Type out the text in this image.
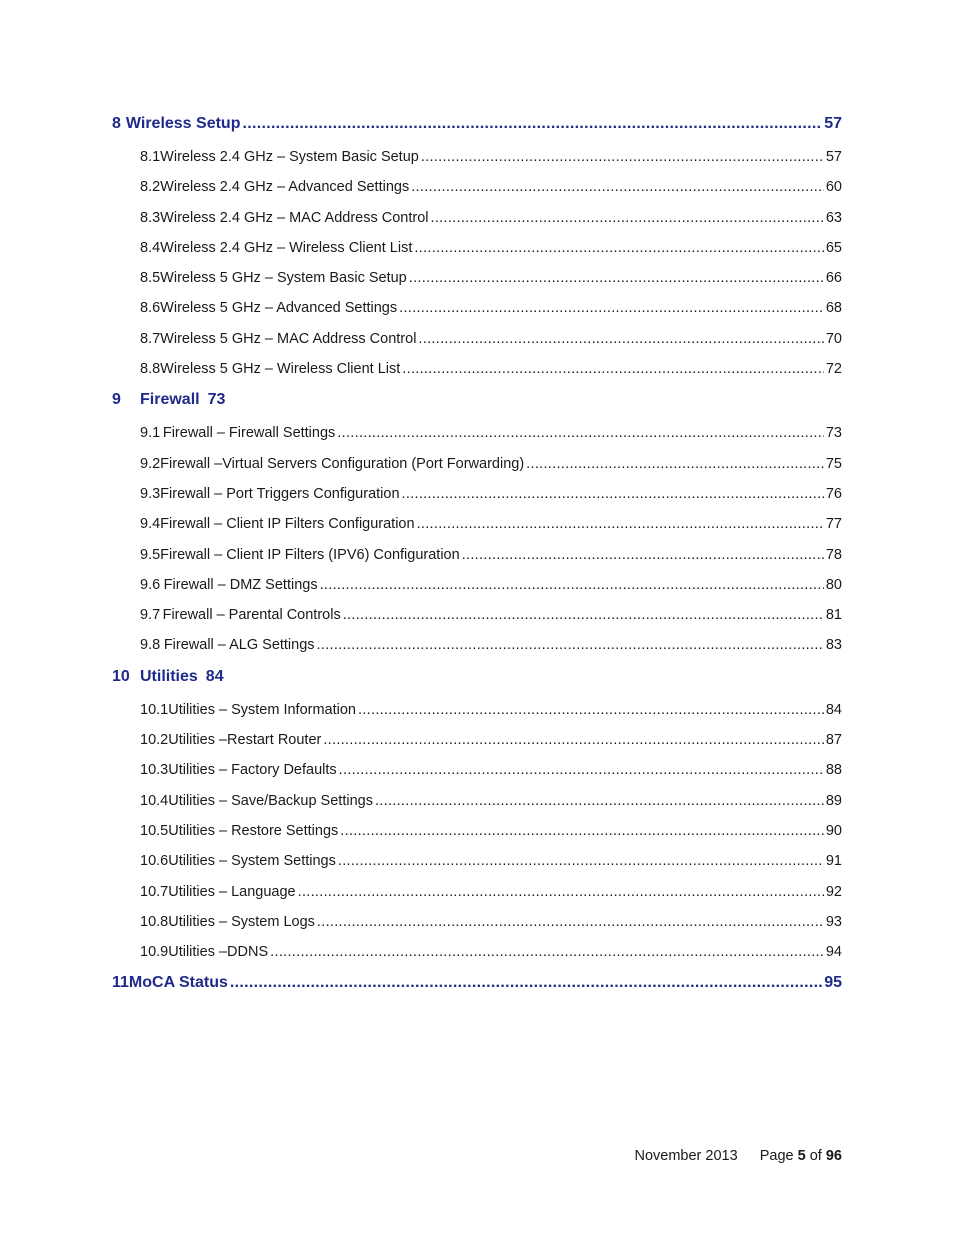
8 Wireless Setup .....	57
8.1 Wireless 2.4 GHz – System Basic Setup .....	57
8.2 Wireless 2.4 GHz – Advanced Settings .....	60
8.3 Wireless 2.4 GHz – MAC Address Control .....	63
8.4 Wireless 2.4 GHz – Wireless Client List .....	65
8.5 Wireless 5 GHz – System Basic Setup .....	66
8.6 Wireless 5 GHz – Advanced Settings .....	68
8.7 Wireless 5 GHz – MAC Address Control .....	70
8.8 Wireless 5 GHz – Wireless Client List .....	72
9	Firewall 73
9.1 Firewall – Firewall Settings .....	73
9.2 Firewall –Virtual Servers Configuration (Port Forwarding) .....	75
9.3 Firewall – Port Triggers Configuration .....	76
9.4 Firewall – Client IP Filters Configuration .....	77
9.5 Firewall – Client IP Filters (IPV6) Configuration .....	78
9.6 Firewall – DMZ Settings .....	80
9.7 Firewall – Parental Controls .....	81
9.8 Firewall – ALG Settings .....	83
10 Utilities 84
10.1 Utilities – System Information .....	84
10.2 Utilities –Restart Router .....	87
10.3 Utilities – Factory Defaults .....	88
10.4 Utilities – Save/Backup Settings .....	89
10.5 Utilities – Restore Settings .....	90
10.6 Utilities – System Settings .....	91
10.7 Utilities – Language .....	92
10.8 Utilities – System Logs .....	93
10.9 Utilities –DDNS .....	94
11 MoCA Status .....	95
November 2013 Page 5 of 96
